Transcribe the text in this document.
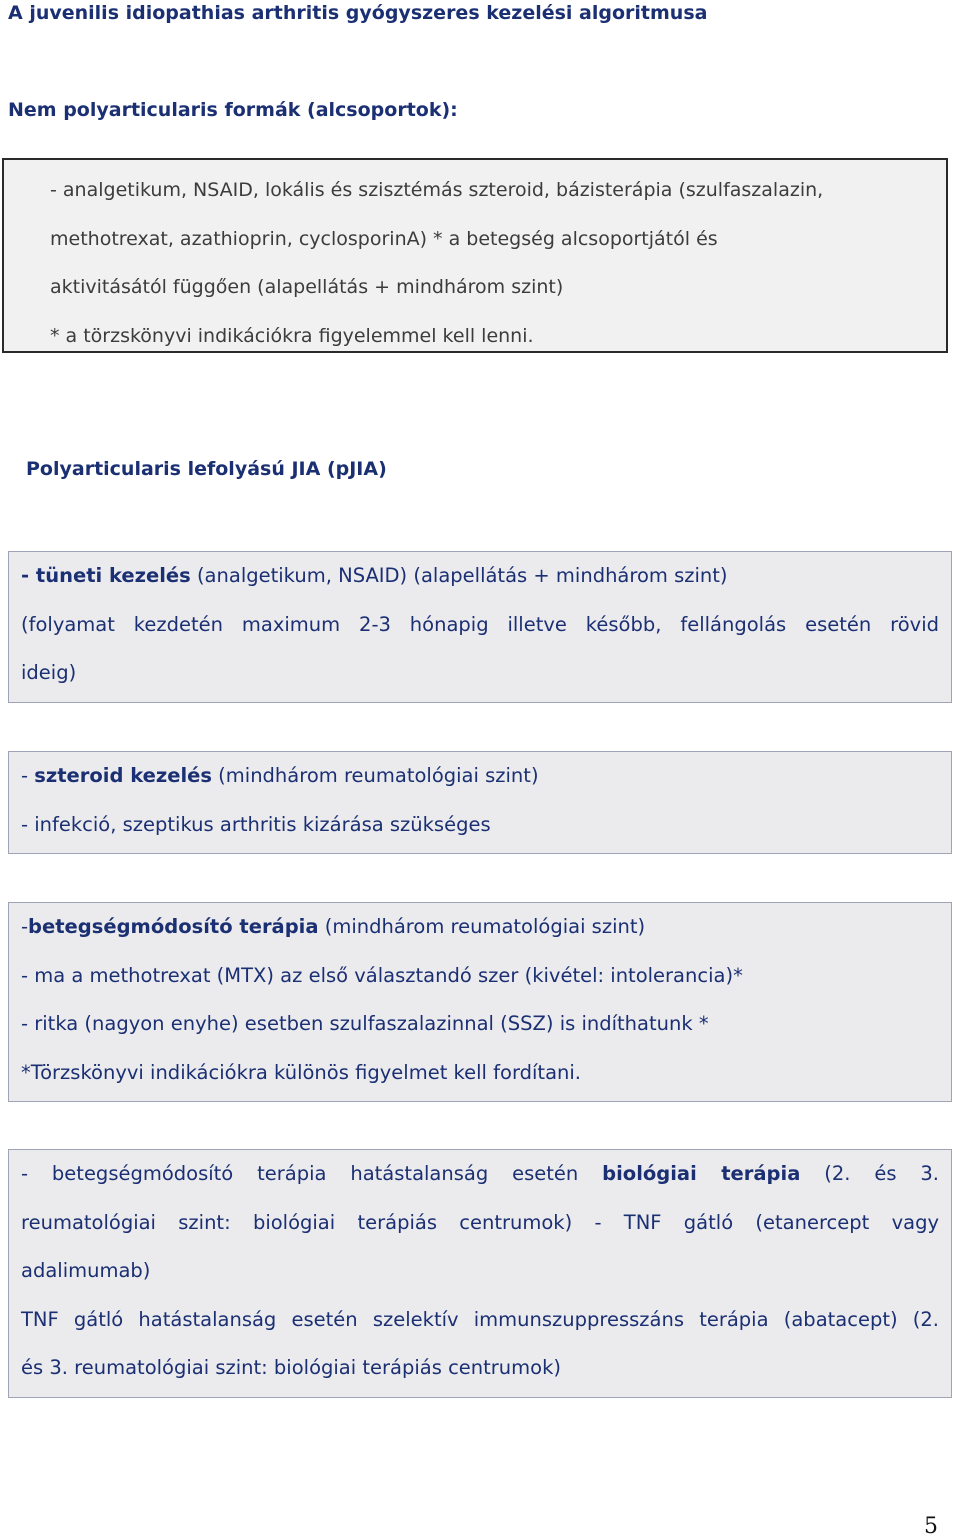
A juvenilis idiopathias arthritis gyógyszeres kezelési algoritmusa
Nem polyarticularis formák (alcsoportok):
- analgetikum, NSAID, lokális és szisztémás szteroid, bázisterápia (szulfaszalazin,
methotrexat, azathioprin, cyclosporinA) * a betegség alcsoportjától és
aktivitásától függően (alapellátás + mindhárom szint)
* a törzskönyvi indikációkra figyelemmel kell lenni.
Polyarticularis lefolyású JIA (pJIA)
- tüneti kezelés (analgetikum, NSAID) (alapellátás + mindhárom szint)
(folyamat kezdetén maximum 2-3 hónapig illetve később, fellángolás esetén rövid
ideig)
- szteroid kezelés (mindhárom reumatológiai szint)
- infekció, szeptikus arthritis kizárása szükséges
-betegségmódosító terápia (mindhárom reumatológiai szint)
- ma a methotrexat (MTX) az első választandó szer (kivétel: intolerancia)*
- ritka (nagyon enyhe) esetben szulfaszalazinnal (SSZ) is indíthatunk *
*Törzskönyvi indikációkra különös figyelmet kell fordítani.
- betegségmódosító terápia hatástalanság esetén biológiai terápia (2. és 3.
reumatológiai szint: biológiai terápiás centrumok) - TNF gátló (etanercept vagy
adalimumab)
TNF gátló hatástalanság esetén szelektív immunszuppresszáns terápia (abatacept) (2.
és 3. reumatológiai szint: biológiai terápiás centrumok)
5
